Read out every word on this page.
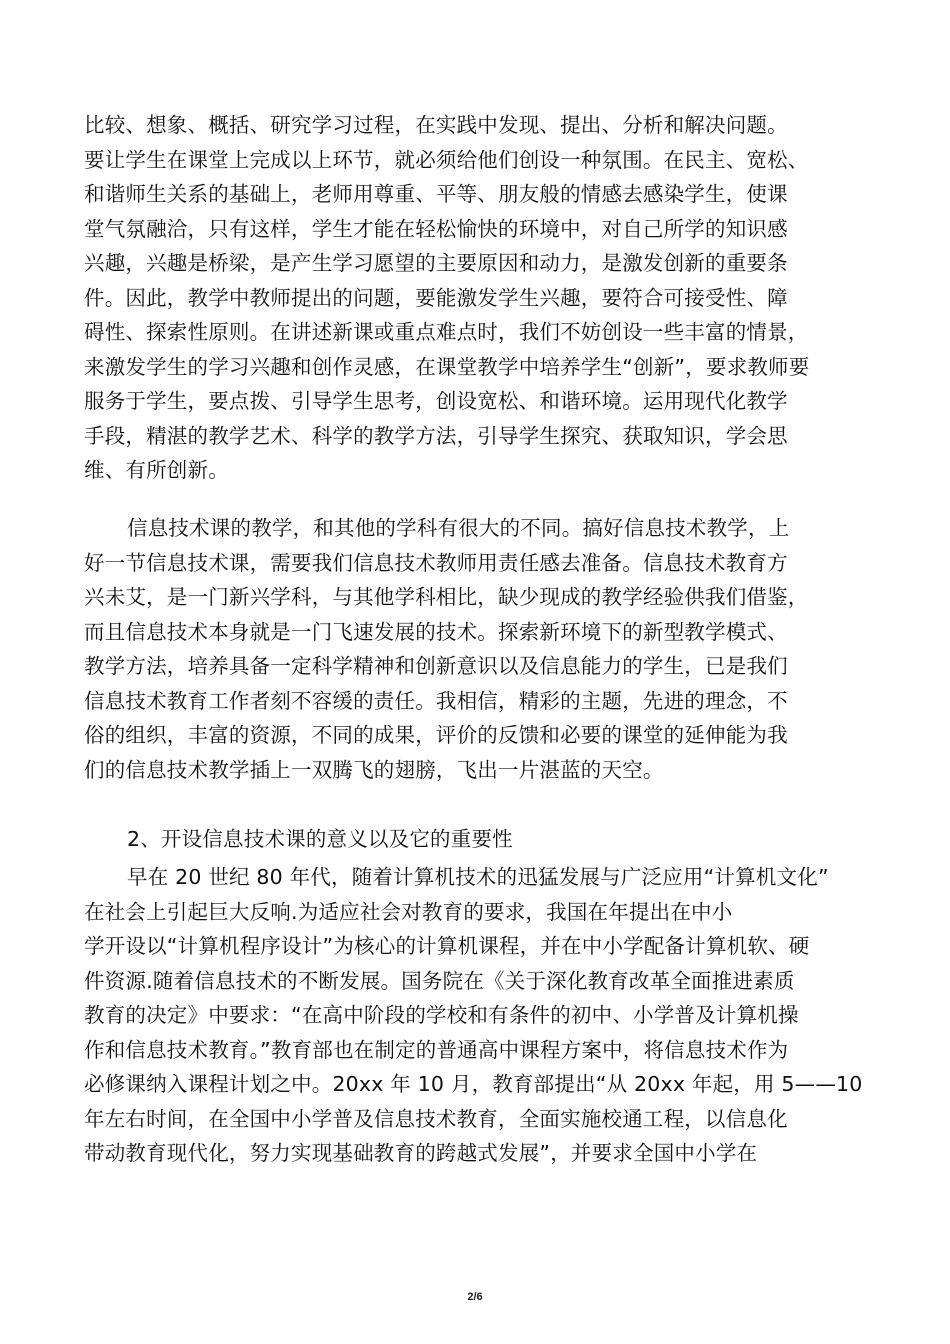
比较、想象、概括、研究学习过程，在实践中发现、提出、分析和解决问题。
要让学生在课堂上完成以上环节，就必须给他们创设一种氛围。在民主、宽松、
和谐师生关系的基础上，老师用尊重、平等、朋友般的情感去感染学生，使课
堂气氛融洽，只有这样，学生才能在轻松愉快的环境中，对自己所学的知识感
兴趣，兴趣是桥梁，是产生学习愿望的主要原因和动力，是激发创新的重要条
件。因此，教学中教师提出的问题，要能激发学生兴趣，要符合可接受性、障
碍性、探索性原则。在讲述新课或重点难点时，我们不妨创设一些丰富的情景，
来激发学生的学习兴趣和创作灵感，在课堂教学中培养学生“创新”，要求教师要
服务于学生，要点拨、引导学生思考，创设宽松、和谐环境。运用现代化教学
手段，精湛的教学艺术、科学的教学方法，引导学生探究、获取知识，学会思
维、有所创新。
信息技术课的教学，和其他的学科有很大的不同。搞好信息技术教学，上
好一节信息技术课，需要我们信息技术教师用责任感去准备。信息技术教育方
兴未艾，是一门新兴学科，与其他学科相比，缺少现成的教学经验供我们借鉴，
而且信息技术本身就是一门飞速发展的技术。探索新环境下的新型教学模式、
教学方法，培养具备一定科学精神和创新意识以及信息能力的学生，已是我们
信息技术教育工作者刻不容缓的责任。我相信，精彩的主题，先进的理念，不
俗的组织，丰富的资源，不同的成果，评价的反馈和必要的课堂的延伸能为我
们的信息技术教学插上一双腾飞的翅膀，飞出一片湛蓝的天空。
2、开设信息技术课的意义以及它的重要性
早在 20 世纪 80 年代，随着计算机技术的迅猛发展与广泛应用“计算机文化”
在社会上引起巨大反响.为适应社会对教育的要求，我国在年提出在中小
学开设以“计算机程序设计”为核心的计算机课程，并在中小学配备计算机软、硬
件资源.随着信息技术的不断发展。国务院在《关于深化教育改革全面推进素质
教育的决定》中要求：“在高中阶段的学校和有条件的初中、小学普及计算机操
作和信息技术教育。”教育部也在制定的普通高中课程方案中，将信息技术作为
必修课纳入课程计划之中。20xx 年 10 月，教育部提出“从 20xx 年起，用 5——10
年左右时间，在全国中小学普及信息技术教育，全面实施校通工程，以信息化
带动教育现代化，努力实现基础教育的跨越式发展”，并要求全国中小学在
2/6
